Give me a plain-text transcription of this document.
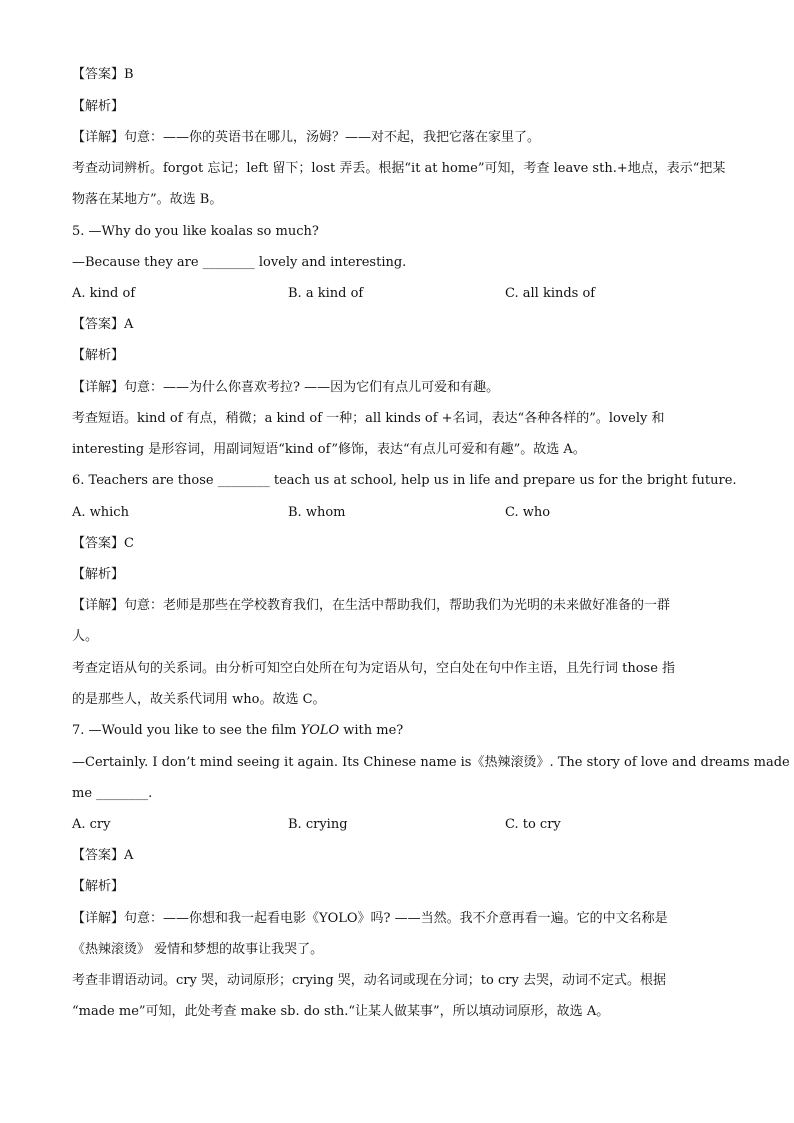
【答案】B
【解析】
【详解】句意：——你的英语书在哪儿，汤姆？——对不起，我把它落在家里了。
考查动词辨析。forgot 忘记；left 留下；lost 弄丢。根据“it at home”可知，考查 leave sth.+地点，表示“把某
物落在某地方”。故选 B。
5. —Why do you like koalas so much?
—Because they are ________ lovely and interesting.
A. kind of	B. a kind of	C. all kinds of
【答案】A
【解析】
【详解】句意：——为什么你喜欢考拉? ——因为它们有点儿可爱和有趣。
考查短语。kind of 有点，稍微；a kind of 一种；all kinds of +名词，表达“各种各样的”。lovely 和
interesting 是形容词，用副词短语“kind of”修饰，表达“有点儿可爱和有趣”。故选 A。
6. Teachers are those ________ teach us at school, help us in life and prepare us for the bright future.
A. which	B. whom	C. who
【答案】C
【解析】
【详解】句意：老师是那些在学校教育我们，在生活中帮助我们，帮助我们为光明的未来做好准备的一群
人。
考查定语从句的关系词。由分析可知空白处所在句为定语从句，空白处在句中作主语，且先行词 those 指
的是那些人，故关系代词用 who。故选 C。
7. —Would you like to see the film YOLO with me?
—Certainly. I don’t mind seeing it again. Its Chinese name is《热辣滚烫》. The story of love and dreams made
me ________.
A. cry	B. crying	C. to cry
【答案】A
【解析】
【详解】句意：——你想和我一起看电影《YOLO》吗? ——当然。我不介意再看一遍。它的中文名称是
《热辣滚烫》 爱情和梦想的故事让我哭了。
考查非谓语动词。cry 哭，动词原形；crying 哭，动名词或现在分词；to cry 去哭，动词不定式。根据
“made me”可知，此处考查 make sb. do sth.“让某人做某事”，所以填动词原形，故选 A。
